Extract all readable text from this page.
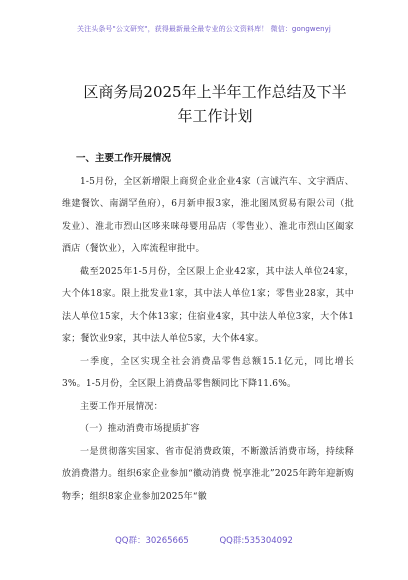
关注头条号"公文研究"，获得最新最全最专业的公文资料库！ 微信：gongwenyj
区商务局2025年上半年工作总结及下半
年工作计划
一、主要工作开展情况

1-5月份，全区新增限上商贸企业企业4家（言诚汽车、文宇酒店、维建餐饮、南湖罕鱼府），6月新申报3家，淮北图凤贸易有限公司（批发业）、淮北市烈山区哆来咪母婴用品店（零售业）、淮北市烈山区阖家酒店（餐饮业），入库流程审批中。

截至2025年1-5月份，全区限上企业42家，其中法人单位24家，大个体18家。限上批发业1家，其中法人单位1家；零售业28家，其中法人单位15家，大个体13家；住宿业4家，其中法人单位3家，大个体1家；餐饮业9家，其中法人单位5家，大个体4家。

一季度，全区实现全社会消费品零售总额15.1亿元，同比增长3%。1-5月份，全区限上消费品零售额同比下降11.6%。

主要工作开展情况：

（一）推动消费市场提质扩容

一是贯彻落实国家、省市促消费政策，不断激活消费市场，持续释放消费潜力。组织6家企业参加“徽动消费 悦享淮北”2025年跨年迎新购物季；组织8家企业参加2025年“徽

QQ群：30265665	QQ群:535304092
